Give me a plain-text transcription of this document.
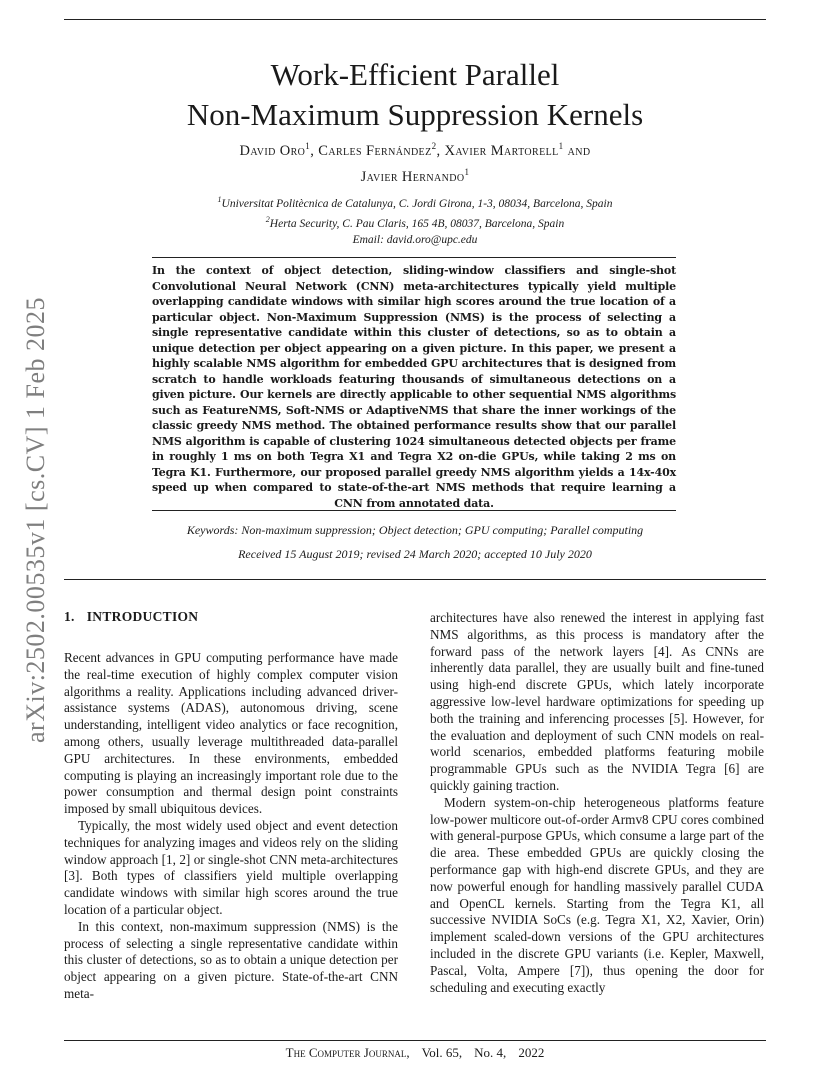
arXiv:2502.00535v1 [cs.CV] 1 Feb 2025
Work-Efficient Parallel
Non-Maximum Suppression Kernels
David Oro$^1$, Carles Fernández$^2$, Xavier Martorell$^1$ and
Javier Hernando$^1$
$^1$Universitat Politècnica de Catalunya, C. Jordi Girona, 1-3, 08034, Barcelona, Spain
$^2$Herta Security, C. Pau Claris, 165 4B, 08037, Barcelona, Spain
Email: david.oro@upc.edu
In the context of object detection, sliding-window classifiers and single-shot Convolutional Neural Network (CNN) meta-architectures typically yield multiple overlapping candidate windows with similar high scores around the true location of a particular object. Non-Maximum Suppression (NMS) is the process of selecting a single representative candidate within this cluster of detections, so as to obtain a unique detection per object appearing on a given picture. In this paper, we present a highly scalable NMS algorithm for embedded GPU architectures that is designed from scratch to handle workloads featuring thousands of simultaneous detections on a given picture. Our kernels are directly applicable to other sequential NMS algorithms such as FeatureNMS, Soft-NMS or AdaptiveNMS that share the inner workings of the classic greedy NMS method. The obtained performance results show that our parallel NMS algorithm is capable of clustering 1024 simultaneous detected objects per frame in roughly 1 ms on both Tegra X1 and Tegra X2 on-die GPUs, while taking 2 ms on Tegra K1. Furthermore, our proposed parallel greedy NMS algorithm yields a 14x-40x speed up when compared to state-of-the-art NMS methods that require learning a CNN from annotated data.
Keywords: Non-maximum suppression; Object detection; GPU computing; Parallel computing
Received 15 August 2019; revised 24 March 2020; accepted 10 July 2020
1. INTRODUCTION

Recent advances in GPU computing performance have made the real-time execution of highly complex computer vision algorithms a reality. Applications including advanced driver-assistance systems (ADAS), autonomous driving, scene understanding, intelligent video analytics or face recognition, among others, usually leverage multithreaded data-parallel GPU architectures. In these environments, embedded computing is playing an increasingly important role due to the power consumption and thermal design point constraints imposed by small ubiquitous devices.

Typically, the most widely used object and event detection techniques for analyzing images and videos rely on the sliding window approach [1, 2] or single-shot CNN meta-architectures [3]. Both types of classifiers yield multiple overlapping candidate windows with similar high scores around the true location of a particular object.

In this context, non-maximum suppression (NMS) is the process of selecting a single representative candidate within this cluster of detections, so as to obtain a unique detection per object appearing on a given picture. State-of-the-art CNN meta-

architectures have also renewed the interest in applying fast NMS algorithms, as this process is mandatory after the forward pass of the network layers [4]. As CNNs are inherently data parallel, they are usually built and fine-tuned using high-end discrete GPUs, which lately incorporate aggressive low-level hardware optimizations for speeding up both the training and inferencing processes [5]. However, for the evaluation and deployment of such CNN models on real-world scenarios, embedded platforms featuring mobile programmable GPUs such as the NVIDIA Tegra [6] are quickly gaining traction.

Modern system-on-chip heterogeneous platforms feature low-power multicore out-of-order Armv8 CPU cores combined with general-purpose GPUs, which consume a large part of the die area. These embedded GPUs are quickly closing the performance gap with high-end discrete GPUs, and they are now powerful enough for handling massively parallel CUDA and OpenCL kernels. Starting from the Tegra K1, all successive NVIDIA SoCs (e.g. Tegra X1, X2, Xavier, Orin) implement scaled-down versions of the GPU architectures included in the discrete GPU variants (i.e. Kepler, Maxwell, Pascal, Volta, Ampere [7]), thus opening the door for scheduling and executing exactly

The Computer Journal, Vol. 65, No. 4, 2022
